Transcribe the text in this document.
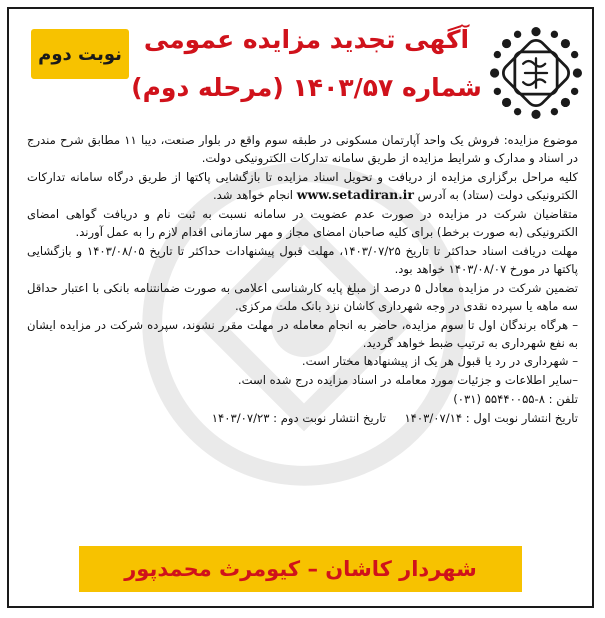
نوبت دوم آگهی تجدید مزایده عمومی
شماره ۱۴۰۳/۵۷ (مرحله دوم)

موضوع مزایده: فروش یک واحد آپارتمان مسکونی در طبقه سوم واقع در بلوار صنعت، دیبا ۱۱ مطابق شرح مندرج در اسناد و مدارک و شرایط مزایده از طریق سامانه تدارکات الکترونیکی دولت.

کلیه مراحل برگزاری مزایده از دریافت و تحویل اسناد مزایده تا بازگشایی پاکتها از طریق درگاه سامانه تدارکات الکترونیکی دولت (ستاد) به آدرس www.setadiran.ir انجام خواهد شد.

متقاضیان شرکت در مزایده در صورت عدم عضویت در سامانه نسبت به ثبت نام و دریافت گواهی امضای الکترونیکی (به صورت برخط) برای کلیه صاحبان امضای مجاز و مهر سازمانی اقدام لازم را به عمل آورند.

مهلت دریافت اسناد حداکثر تا تاریخ ۱۴۰۳/۰۷/۲۵، مهلت قبول پیشنهادات حداکثر تا تاریخ ۱۴۰۳/۰۸/۰۵ و بازگشایی پاکتها در مورخ ۱۴۰۳/۰۸/۰۷ خواهد بود.

تضمین شرکت در مزایده معادل ۵ درصد از مبلغ پایه کارشناسی اعلامی به صورت ضمانتنامه بانکی با اعتبار حداقل سه ماهه یا سپرده نقدی در وجه شهرداری کاشان نزد بانک ملت مرکزی.

– هرگاه برندگان اول تا سوم مزایده، حاضر به انجام معامله در مهلت مقرر نشوند، سپرده شرکت در مزایده ایشان به نفع شهرداری به ترتیب ضبط خواهد گردید.

– شهرداری در رد یا قبول هر یک از پیشنهادها مختار است.

–سایر اطلاعات و جزئیات مورد معامله در اسناد مزایده درج شده است.

تلفن : ۸-۵۵۴۴۰۰۵۵ (۰۳۱)

تاریخ انتشار نوبت اول : ۱۴۰۳/۰۷/۱۴     تاریخ انتشار نوبت دوم : ۱۴۰۳/۰۷/۲۳

شهردار کاشان – کیومرث محمدپور
